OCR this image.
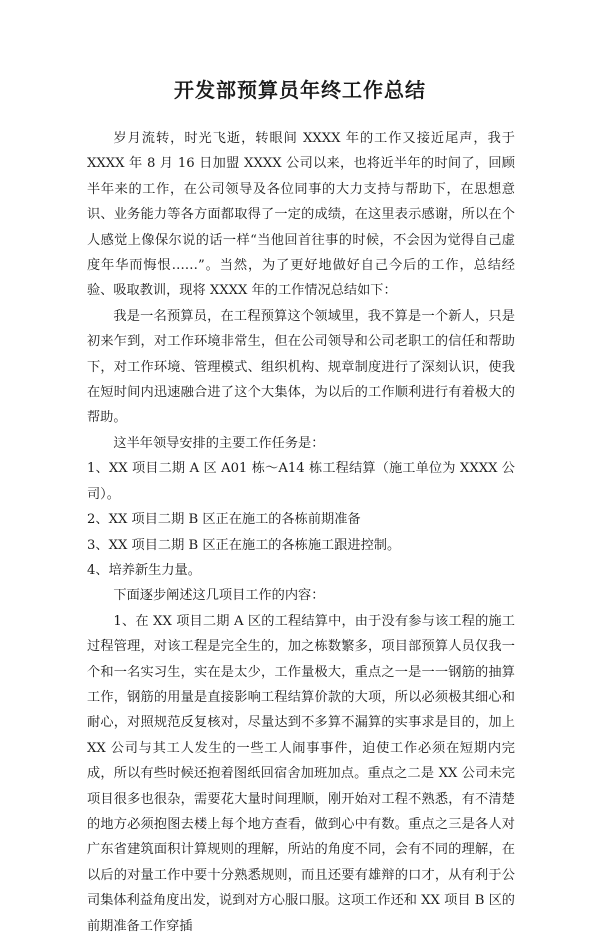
开发部预算员年终工作总结

岁月流转，时光飞逝，转眼间 XXXX 年的工作又接近尾声，我于 XXXX 年 8 月 16 日加盟 XXXX 公司以来，也将近半年的时间了，回顾半年来的工作，在公司领导及各位同事的大力支持与帮助下，在思想意识、业务能力等各方面都取得了一定的成绩，在这里表示感谢，所以在个人感觉上像保尔说的话一样“当他回首往事的时候，不会因为觉得自己虚度年华而悔恨……”。当然，为了更好地做好自己今后的工作，总结经验、吸取教训，现将 XXXX 年的工作情况总结如下：

我是一名预算员，在工程预算这个领域里，我不算是一个新人，只是初来乍到，对工作环境非常生，但在公司领导和公司老职工的信任和帮助下，对工作环境、管理模式、组织机构、规章制度进行了深刻认识，使我在短时间内迅速融合进了这个大集体，为以后的工作顺利进行有着极大的帮助。

这半年领导安排的主要工作任务是：

1、XX 项目二期 A 区 A01 栋～A14 栋工程结算（施工单位为 XXXX 公司）。

2、XX 项目二期 B 区正在施工的各栋前期准备

3、XX 项目二期 B 区正在施工的各栋施工跟进控制。

4、培养新生力量。

下面逐步阐述这几项目工作的内容：

1、在 XX 项目二期 A 区的工程结算中，由于没有参与该工程的施工过程管理，对该工程是完全生的，加之栋数繁多，项目部预算人员仅我一个和一名实习生，实在是太少，工作量极大，重点之一是一一钢筋的抽算工作，钢筋的用量是直接影响工程结算价款的大项，所以必须极其细心和耐心，对照规范反复核对，尽量达到不多算不漏算的实事求是目的，加上 XX 公司与其工人发生的一些工人闹事事件，迫使工作必须在短期内完成，所以有些时候还抱着图纸回宿舍加班加点。重点之二是 XX 公司未完项目很多也很杂，需要花大量时间理顺，刚开始对工程不熟悉，有不清楚的地方必须抱图去楼上每个地方查看，做到心中有数。重点之三是各人对广东省建筑面积计算规则的理解，所站的角度不同，会有不同的理解，在以后的对量工作中要十分熟悉规则，而且还要有雄辩的口才，从有利于公司集体利益角度出发，说到对方心服口服。这项工作还和 XX 项目 B 区的前期准备工作穿插
